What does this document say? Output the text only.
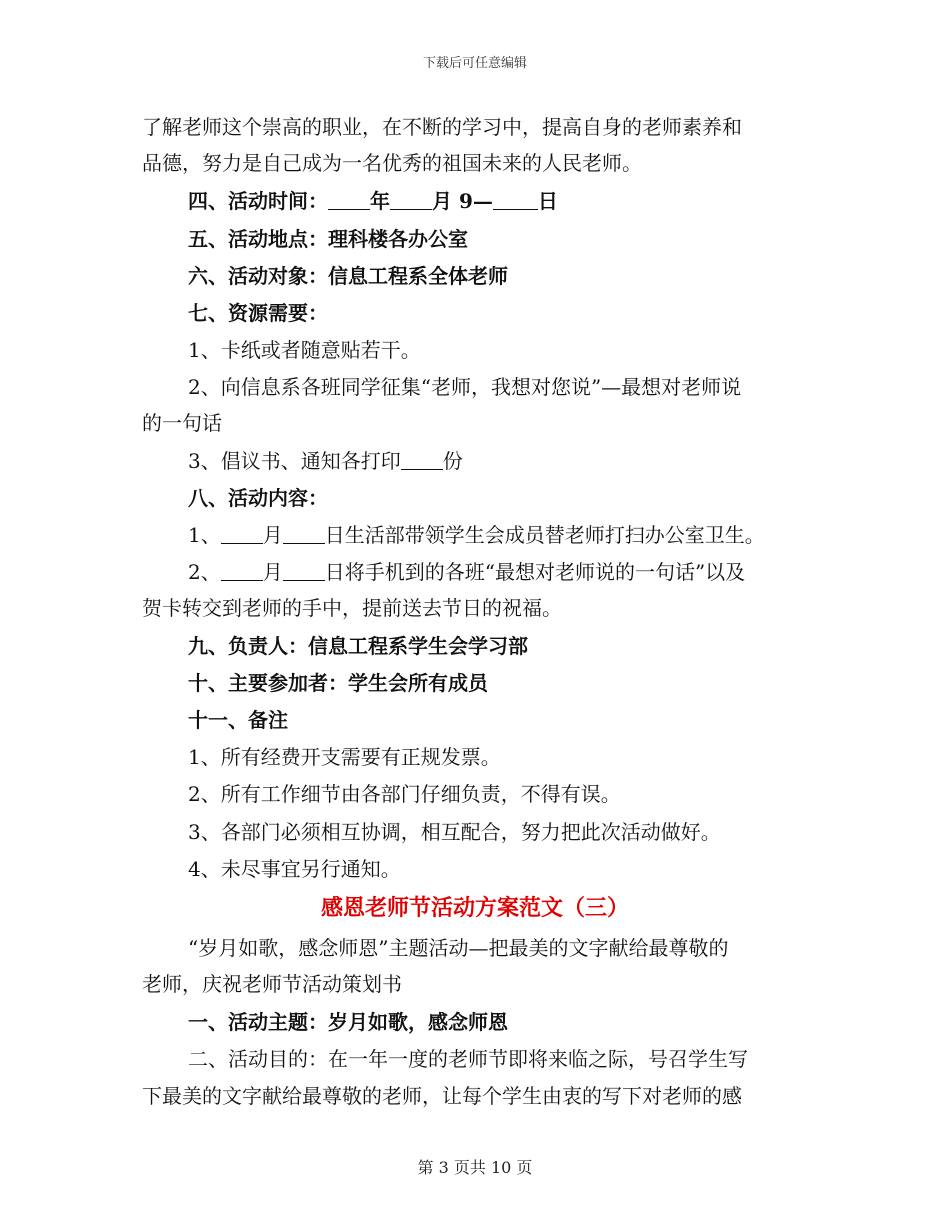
下载后可任意编辑
了解老师这个崇高的职业，在不断的学习中，提高自身的老师素养和
品德，努力是自己成为一名优秀的祖国未来的人民老师。
四、活动时间： 年 月 9— 日
五、活动地点：理科楼各办公室
六、活动对象：信息工程系全体老师
七、资源需要：
1、卡纸或者随意贴若干。
2、向信息系各班同学征集“老师，我想对您说”—最想对老师说
的一句话
3、倡议书、通知各打印 份
八、活动内容：
1、 月 日生活部带领学生会成员替老师打扫办公室卫生。
2、 月 日将手机到的各班“最想对老师说的一句话”以及
贺卡转交到老师的手中，提前送去节日的祝福。
九、负责人：信息工程系学生会学习部
十、主要参加者：学生会所有成员
十一、备注
1、所有经费开支需要有正规发票。
2、所有工作细节由各部门仔细负责，不得有误。
3、各部门必须相互协调，相互配合，努力把此次活动做好。
4、未尽事宜另行通知。
感恩老师节活动方案范文（三）
“岁月如歌，感念师恩”主题活动—把最美的文字献给最尊敬的
老师，庆祝老师节活动策划书
一、活动主题：岁月如歌，感念师恩
二、活动目的：在一年一度的老师节即将来临之际，号召学生写
下最美的文字献给最尊敬的老师，让每个学生由衷的写下对老师的感
第 3 页共 10 页
